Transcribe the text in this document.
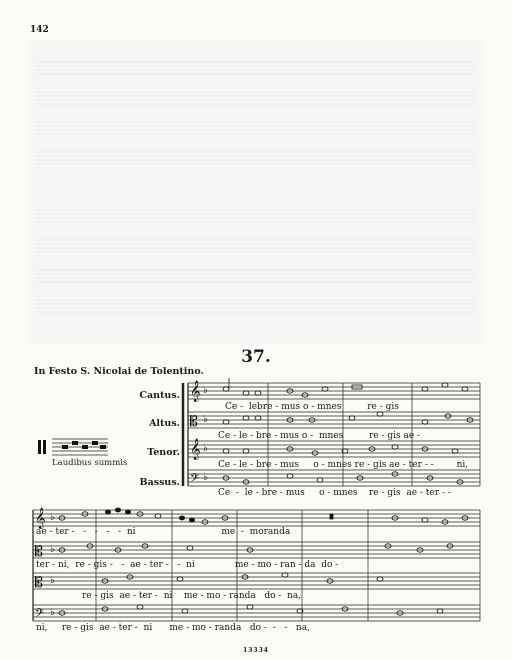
142
37.
In Festo S. Nicolai de Tolentino.
Cantus.
Altus.
Tenor.
Bassus.
Laudibus summis
Ce -  lebre - mus o - mnes         re - gis
Ce - le - bre - mus o -  mnes         re - gis ae -
Ce - le - bre - mus     o - mnes re - gis ae - ter - -        ni,
Ce  -  le - bre - mus     o - mnes    re - gis  ae - ter - -
ae - ter -   -   -   -   -  ni                              me  -  moranda
ter - ni,  re - gis -   -  ae - ter -   -  ni              me - mo - ran - da  do -
re - gis  ae - ter -  ni    me - mo - randa   do -  na,
ni,     re - gis  ae - ter -  ni      me - mo - randa   do -  -   -   na,
13334
𝄞
𝄡
𝄞
𝄢
♭
♭
♭
♭
𝄞
𝄡
𝄡
𝄢
♭
♭
♭
♭
